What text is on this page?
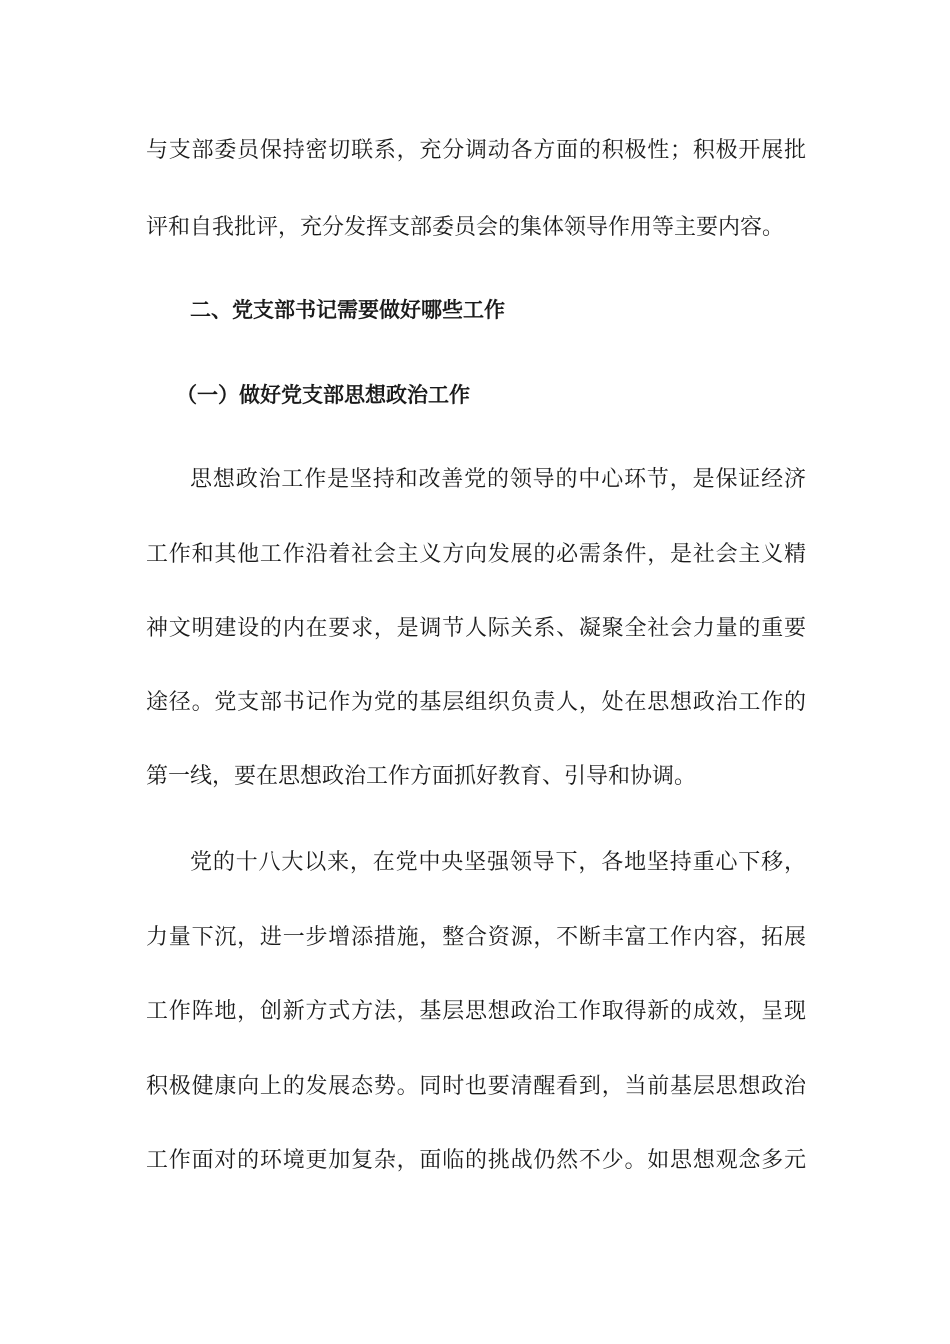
与支部委员保持密切联系，充分调动各方面的积极性；积极开展批
评和自我批评，充分发挥支部委员会的集体领导作用等主要内容。
二、党支部书记需要做好哪些工作
（一）做好党支部思想政治工作
思想政治工作是坚持和改善党的领导的中心环节，是保证经济
工作和其他工作沿着社会主义方向发展的必需条件，是社会主义精
神文明建设的内在要求，是调节人际关系、凝聚全社会力量的重要
途径。党支部书记作为党的基层组织负责人，处在思想政治工作的
第一线，要在思想政治工作方面抓好教育、引导和协调。
党的十八大以来，在党中央坚强领导下，各地坚持重心下移，
力量下沉，进一步增添措施，整合资源，不断丰富工作内容，拓展
工作阵地，创新方式方法，基层思想政治工作取得新的成效，呈现
积极健康向上的发展态势。同时也要清醒看到，当前基层思想政治
工作面对的环境更加复杂，面临的挑战仍然不少。如思想观念多元
